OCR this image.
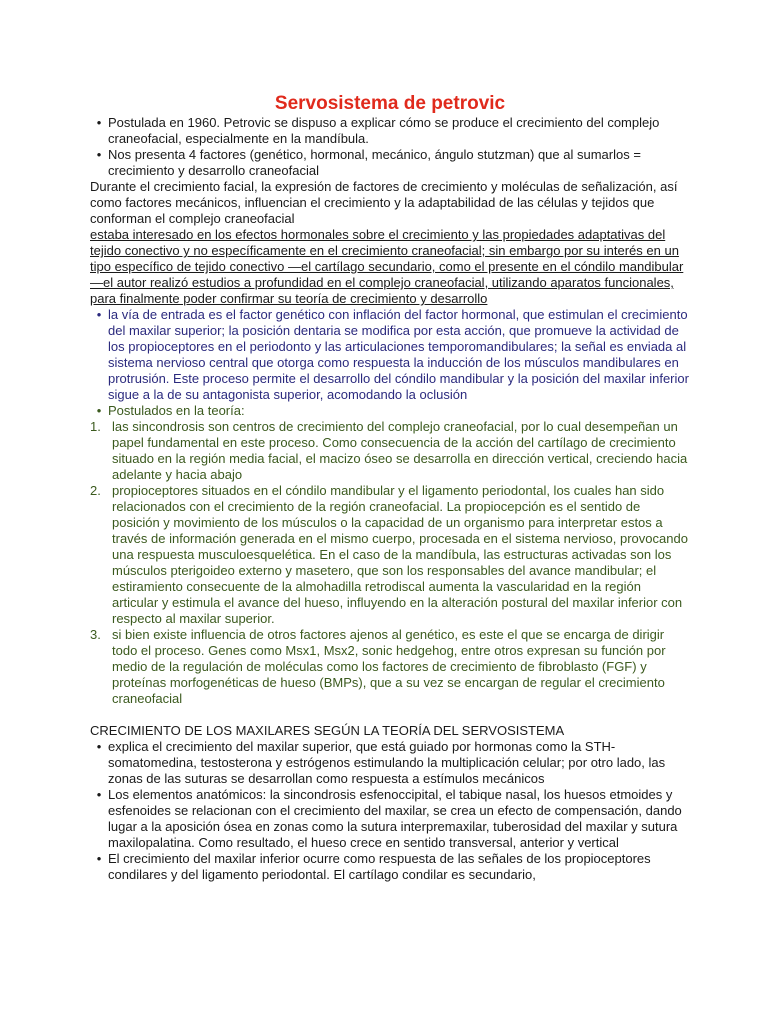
Servosistema de petrovic
• Postulada en 1960. Petrovic se dispuso a explicar cómo se produce el crecimiento del complejo craneofacial, especialmente en la mandíbula.
• Nos presenta 4 factores (genético, hormonal, mecánico, ángulo stutzman) que al sumarlos = crecimiento y desarrollo craneofacial
Durante el crecimiento facial, la expresión de factores de crecimiento y moléculas de señalización, así como factores mecánicos, influencian el crecimiento y la adaptabilidad de las células y tejidos que conforman el complejo craneofacial
estaba interesado en los efectos hormonales sobre el crecimiento y las propiedades adaptativas del tejido conectivo y no específicamente en el crecimiento craneofacial; sin embargo por su interés en un tipo específico de tejido conectivo —el cartílago secundario, como el presente en el cóndilo mandibular—el autor realizó estudios a profundidad en el complejo craneofacial, utilizando aparatos funcionales, para finalmente poder confirmar su teoría de crecimiento y desarrollo
• la vía de entrada es el factor genético con inflación del factor hormonal, que estimulan el crecimiento del maxilar superior; la posición dentaria se modifica por esta acción, que promueve la actividad de los propioceptores en el periodonto y las articulaciones temporomandibulares; la señal es enviada al sistema nervioso central que otorga como respuesta la inducción de los músculos mandibulares en protrusión. Este proceso permite el desarrollo del cóndilo mandibular y la posición del maxilar inferior sigue a la de su antagonista superior, acomodando la oclusión
• Postulados en la teoría:
1. las sincondrosis son centros de crecimiento del complejo craneofacial, por lo cual desempeñan un papel fundamental en este proceso. Como consecuencia de la acción del cartílago de crecimiento situado en la región media facial, el macizo óseo se desarrolla en dirección vertical, creciendo hacia adelante y hacia abajo
2. propioceptores situados en el cóndilo mandibular y el ligamento periodontal, los cuales han sido relacionados con el crecimiento de la región craneofacial. La propiocepción es el sentido de posición y movimiento de los músculos o la capacidad de un organismo para interpretar estos a través de información generada en el mismo cuerpo, procesada en el sistema nervioso, provocando una respuesta musculoesquelética. En el caso de la mandíbula, las estructuras activadas son los músculos pterigoideo externo y masetero, que son los responsables del avance mandibular; el estiramiento consecuente de la almohadilla retrodiscal aumenta la vascularidad en la región articular y estimula el avance del hueso, influyendo en la alteración postural del maxilar inferior con respecto al maxilar superior.
3. si bien existe influencia de otros factores ajenos al genético, es este el que se encarga de dirigir todo el proceso. Genes como Msx1, Msx2, sonic hedgehog, entre otros expresan su función por medio de la regulación de moléculas como los factores de crecimiento de fibroblasto (FGF) y proteínas morfogenéticas de hueso (BMPs), que a su vez se encargan de regular el crecimiento craneofacial
CRECIMIENTO DE LOS MAXILARES SEGÚN LA TEORÍA DEL SERVOSISTEMA
• explica el crecimiento del maxilar superior, que está guiado por hormonas como la STH-somatomedina, testosterona y estrógenos estimulando la multiplicación celular; por otro lado, las zonas de las suturas se desarrollan como respuesta a estímulos mecánicos
• Los elementos anatómicos: la sincondrosis esfenoccipital, el tabique nasal, los huesos etmoides y esfenoides se relacionan con el crecimiento del maxilar, se crea un efecto de compensación, dando lugar a la aposición ósea en zonas como la sutura interpremaxilar, tuberosidad del maxilar y sutura maxilopalatina. Como resultado, el hueso crece en sentido transversal, anterior y vertical
• El crecimiento del maxilar inferior ocurre como respuesta de las señales de los propioceptores condilares y del ligamento periodontal. El cartílago condilar es secundario,
